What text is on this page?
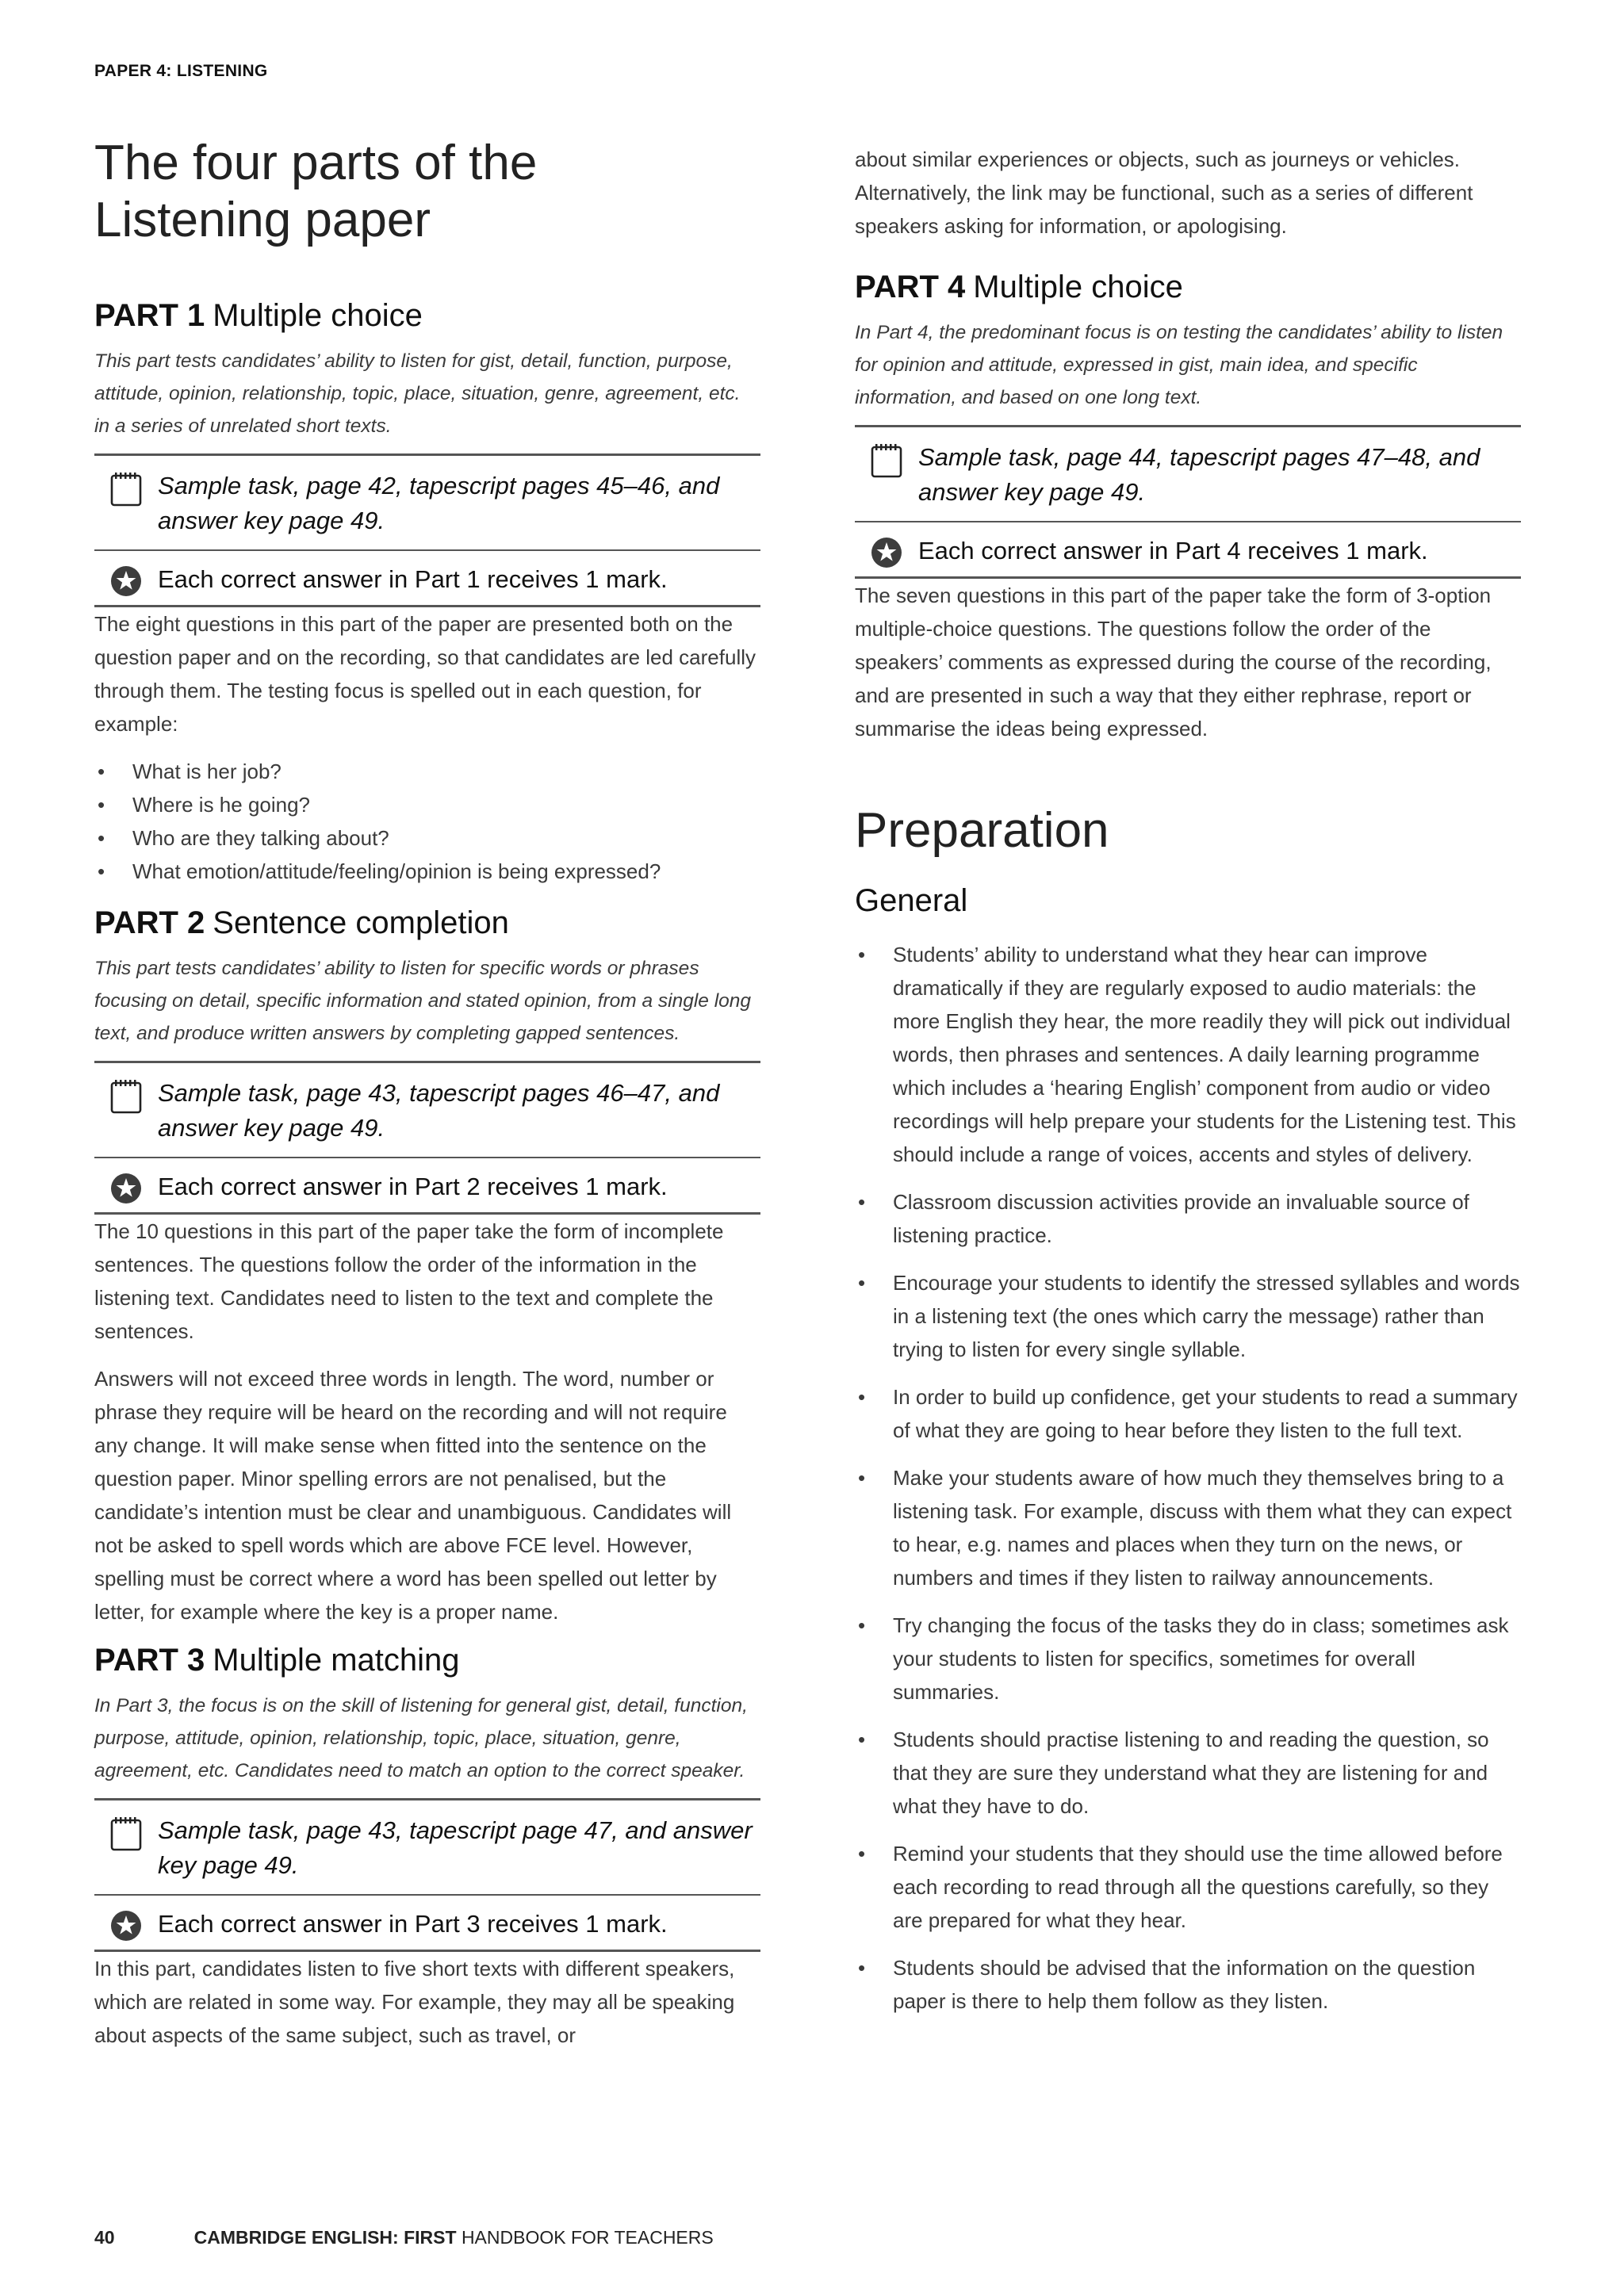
PAPER 4: LISTENING
The four parts of the Listening paper
PART 1 Multiple choice

This part tests candidates’ ability to listen for gist, detail, function, purpose, attitude, opinion, relationship, topic, place, situation, genre, agreement, etc. in a series of unrelated short texts.

Sample task, page 42, tapescript pages 45–46, and answer key page 49.
Each correct answer in Part 1 receives 1 mark.

The eight questions in this part of the paper are presented both on the question paper and on the recording, so that candidates are led carefully through them. The testing focus is spelled out in each question, for example:

• What is her job?
• Where is he going?
• Who are they talking about?
• What emotion/attitude/feeling/opinion is being expressed?
PART 2 Sentence completion

This part tests candidates’ ability to listen for specific words or phrases focusing on detail, specific information and stated opinion, from a single long text, and produce written answers by completing gapped sentences.

Sample task, page 43, tapescript pages 46–47, and answer key page 49.
Each correct answer in Part 2 receives 1 mark.

The 10 questions in this part of the paper take the form of incomplete sentences. The questions follow the order of the information in the listening text. Candidates need to listen to the text and complete the sentences.

Answers will not exceed three words in length. The word, number or phrase they require will be heard on the recording and will not require any change. It will make sense when fitted into the sentence on the question paper. Minor spelling errors are not penalised, but the candidate’s intention must be clear and unambiguous. Candidates will not be asked to spell words which are above FCE level. However, spelling must be correct where a word has been spelled out letter by letter, for example where the key is a proper name.

PART 3 Multiple matching

In Part 3, the focus is on the skill of listening for general gist, detail, function, purpose, attitude, opinion, relationship, topic, place, situation, genre, agreement, etc. Candidates need to match an option to the correct speaker.

Sample task, page 43, tapescript page 47, and answer key page 49.
Each correct answer in Part 3 receives 1 mark.

In this part, candidates listen to five short texts with different speakers, which are related in some way. For example, they may all be speaking about aspects of the same subject, such as travel, or

about similar experiences or objects, such as journeys or vehicles. Alternatively, the link may be functional, such as a series of different speakers asking for information, or apologising.

PART 4 Multiple choice

In Part 4, the predominant focus is on testing the candidates’ ability to listen for opinion and attitude, expressed in gist, main idea, and specific information, and based on one long text.

Sample task, page 44, tapescript pages 47–48, and answer key page 49.
Each correct answer in Part 4 receives 1 mark.

The seven questions in this part of the paper take the form of 3-option multiple-choice questions. The questions follow the order of the speakers’ comments as expressed during the course of the recording, and are presented in such a way that they either rephrase, report or summarise the ideas being expressed.

Preparation
General
• Students’ ability to understand what they hear can improve dramatically if they are regularly exposed to audio materials: the more English they hear, the more readily they will pick out individual words, then phrases and sentences. A daily learning programme which includes a ‘hearing English’ component from audio or video recordings will help prepare your students for the Listening test. This should include a range of voices, accents and styles of delivery.
• Classroom discussion activities provide an invaluable source of listening practice.
• Encourage your students to identify the stressed syllables and words in a listening text (the ones which carry the message) rather than trying to listen for every single syllable.
• In order to build up confidence, get your students to read a summary of what they are going to hear before they listen to the full text.
• Make your students aware of how much they themselves bring to a listening task. For example, discuss with them what they can expect to hear, e.g. names and places when they turn on the news, or numbers and times if they listen to railway announcements.
• Try changing the focus of the tasks they do in class; sometimes ask your students to listen for specifics, sometimes for overall summaries.
• Students should practise listening to and reading the question, so that they are sure they understand what they are listening for and what they have to do.
• Remind your students that they should use the time allowed before each recording to read through all the questions carefully, so they are prepared for what they hear.
• Students should be advised that the information on the question paper is there to help them follow as they listen.
40	CAMBRIDGE ENGLISH: FIRST HANDBOOK FOR TEACHERS
